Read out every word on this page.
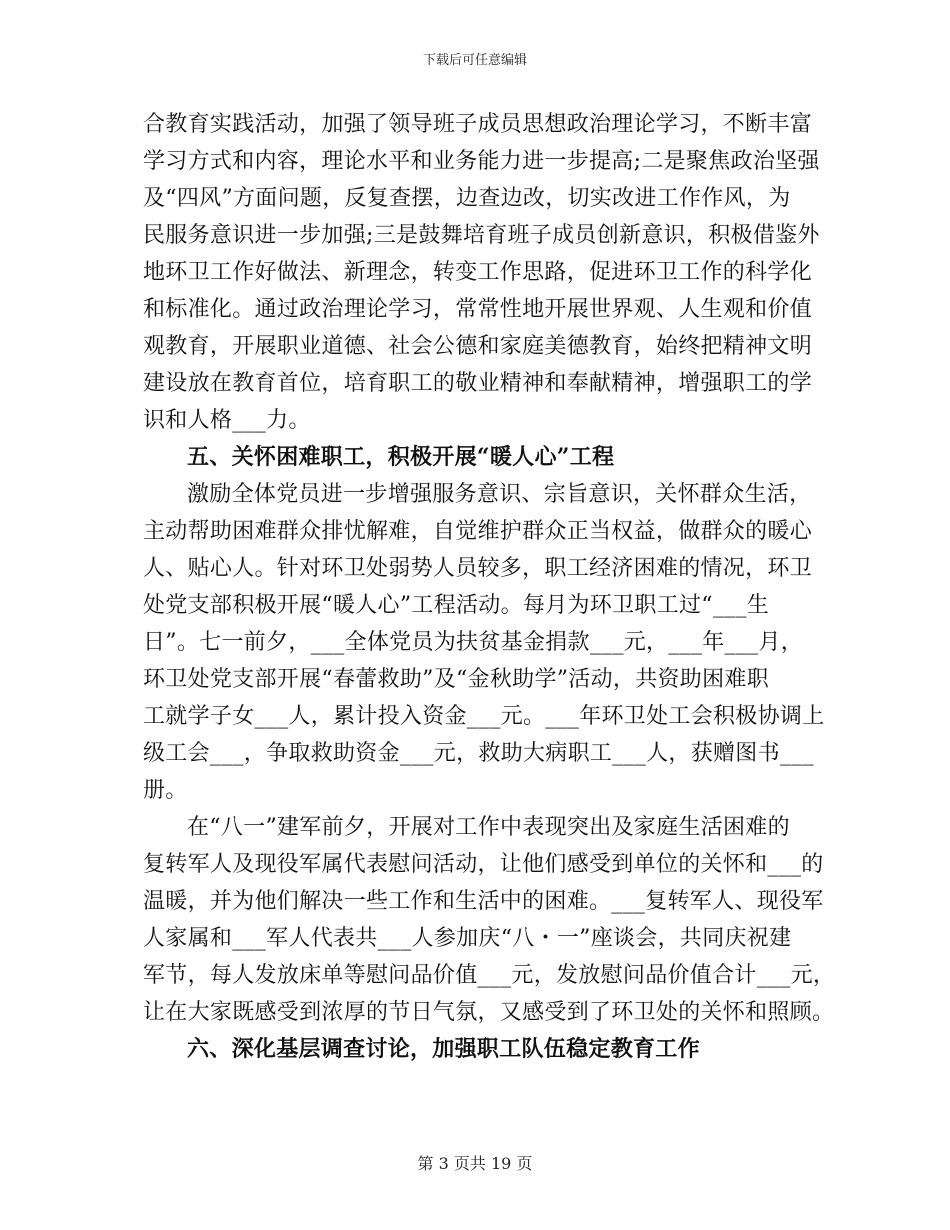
下载后可任意编辑
合教育实践活动，加强了领导班子成员思想政治理论学习，不断丰富
学习方式和内容，理论水平和业务能力进一步提高;二是聚焦政治坚强
及“四风”方面问题，反复查摆，边查边改，切实改进工作作风，为
民服务意识进一步加强;三是鼓舞培育班子成员创新意识，积极借鉴外
地环卫工作好做法、新理念，转变工作思路，促进环卫工作的科学化
和标准化。通过政治理论学习，常常性地开展世界观、人生观和价值
观教育，开展职业道德、社会公德和家庭美德教育，始终把精神文明
建设放在教育首位，培育职工的敬业精神和奉献精神，增强职工的学
识和人格___力。
五、关怀困难职工，积极开展“暖人心”工程
激励全体党员进一步增强服务意识、宗旨意识，关怀群众生活，
主动帮助困难群众排忧解难，自觉维护群众正当权益，做群众的暖心
人、贴心人。针对环卫处弱势人员较多，职工经济困难的情况，环卫
处党支部积极开展“暖人心”工程活动。每月为环卫职工过“___生
日”。七一前夕，___全体党员为扶贫基金捐款___元，___年___月，
环卫处党支部开展“春蕾救助”及“金秋助学”活动，共资助困难职
工就学子女___人，累计投入资金___元。___年环卫处工会积极协调上
级工会___，争取救助资金___元，救助大病职工___人，获赠图书___
册。
在“八一”建军前夕，开展对工作中表现突出及家庭生活困难的
复转军人及现役军属代表慰问活动，让他们感受到单位的关怀和___的
温暖，并为他们解决一些工作和生活中的困难。___复转军人、现役军
人家属和___军人代表共___人参加庆“八・一”座谈会，共同庆祝建
军节，每人发放床单等慰问品价值___元，发放慰问品价值合计___元，
让在大家既感受到浓厚的节日气氛，又感受到了环卫处的关怀和照顾。
六、深化基层调查讨论，加强职工队伍稳定教育工作
第 3 页共 19 页
